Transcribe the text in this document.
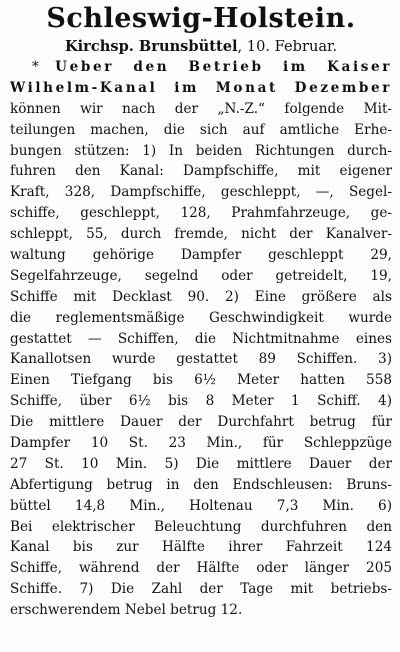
Schleswig-Holstein.

Kirchsp. Brunsbüttel, 10. Februar.

* Ueber den Betrieb im Kaiser
Wilhelm-Kanal im Monat Dezember
können wir nach der „N.-Z.“ folgende Mit-
teilungen machen, die sich auf amtliche Erhe-
bungen stützen: 1) In beiden Richtungen durch-
fuhren den Kanal: Dampfschiffe, mit eigener
Kraft, 328, Dampfschiffe, geschleppt, —, Segel-
schiffe, geschleppt, 128, Prahmfahrzeuge, ge-
schleppt, 55, durch fremde, nicht der Kanalver-
waltung gehörige Dampfer geschleppt 29,
Segelfahrzeuge, segelnd oder getreidelt, 19,
Schiffe mit Decklast 90. 2) Eine größere als
die reglementsmäßige Geschwindigkeit wurde
gestattet — Schiffen, die Nichtmitnahme eines
Kanallotsen wurde gestattet 89 Schiffen. 3)
Einen Tiefgang bis 6½ Meter hatten 558
Schiffe, über 6½ bis 8 Meter 1 Schiff. 4)
Die mittlere Dauer der Durchfahrt betrug für
Dampfer 10 St. 23 Min., für Schleppzüge
27 St. 10 Min. 5) Die mittlere Dauer der
Abfertigung betrug in den Endschleusen: Bruns-
büttel 14,8 Min., Holtenau 7,3 Min. 6)
Bei elektrischer Beleuchtung durchfuhren den
Kanal bis zur Hälfte ihrer Fahrzeit 124
Schiffe, während der Hälfte oder länger 205
Schiffe. 7) Die Zahl der Tage mit betriebs-
erschwerendem Nebel betrug 12.
